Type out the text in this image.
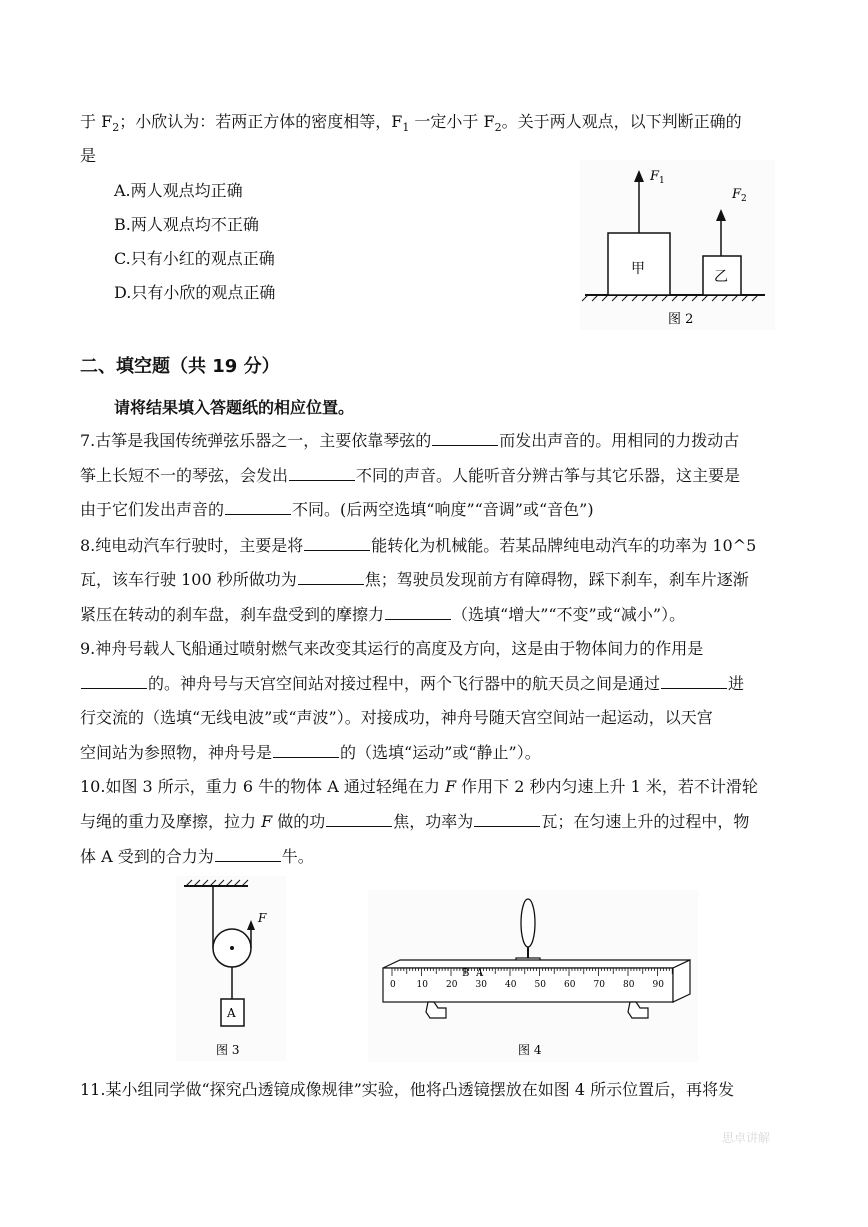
于 $F_2$；小欣认为：若两正方体的密度相等，$F_1$ 一定小于 $F_2$。关于两人观点，以下判断正确的
是
A.两人观点均正确
B.两人观点均不正确
C.只有小红的观点正确
D.只有小欣的观点正确
甲	乙
$F_1$
$F_2$
图 2
二、填空题（共 19 分）
请将结果填入答题纸的相应位置。
7.古筝是我国传统弹弦乐器之一，主要依靠琴弦的	而发出声音的。用相同的力拨动古
筝上长短不一的琴弦，会发出	不同的声音。人能听音分辨古筝与其它乐器，这主要是
由于它们发出声音的	不同。(后两空选填“响度”“音调”或“音色”)
8.纯电动汽车行驶时，主要是将	能转化为机械能。若某品牌纯电动汽车的功率为 10^5
瓦，该车行驶 100 秒所做功为	焦；驾驶员发现前方有障碍物，踩下刹车，刹车片逐渐
紧压在转动的刹车盘，刹车盘受到的摩擦力	（选填“增大”“不变”或“减小”）。
9.神舟号载人飞船通过喷射燃气来改变其运行的高度及方向，这是由于物体间力的作用是
的。神舟号与天宫空间站对接过程中，两个飞行器中的航天员之间是通过	进
行交流的（选填“无线电波”或“声波”）。对接成功，神舟号随天宫空间站一起运动，以天宫
空间站为参照物，神舟号是	的（选填“运动”或“静止”）。
10.如图 3 所示，重力 6 牛的物体 A 通过轻绳在力 F 作用下 2 秒内匀速上升 1 米，若不计滑轮
与绳的重力及摩擦，拉力 F 做的功	焦，功率为	瓦；在匀速上升的过程中，物
体 A 受到的合力为	牛。
F
A
图 3
0 10 20 30 40 50 60 70 80 90
B A
图 4
11.某小组同学做“探究凸透镜成像规律”实验，他将凸透镜摆放在如图 4 所示位置后，再将发
思卓讲解
